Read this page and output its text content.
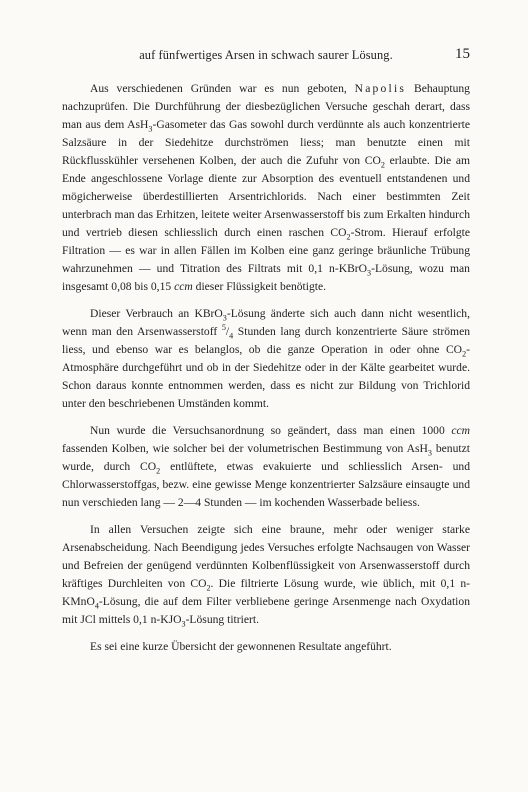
auf fünfwertiges Arsen in schwach saurer Lösung.	15

Aus verschiedenen Gründen war es nun geboten, Napolis Behauptung nachzuprüfen. Die Durchführung der diesbezüglichen Versuche geschah derart, dass man aus dem AsH$_3$-Gasometer das Gas sowohl durch verdünnte als auch konzentrierte Salzsäure in der Siedehitze durchströmen liess; man benutzte einen mit Rückflusskühler versehenen Kolben, der auch die Zufuhr von $CO_2$ erlaubte. Die am Ende angeschlossene Vorlage diente zur Absorption des eventuell entstandenen und mögicherweise überdestillierten Arsentrichlorids. Nach einer bestimmten Zeit unterbrach man das Erhitzen, leitete weiter Arsenwasserstoff bis zum Erkalten hindurch und vertrieb diesen schliesslich durch einen raschen $CO_2$-Strom. Hierauf erfolgte Filtration — es war in allen Fällen im Kolben eine ganz geringe bräunliche Trübung wahrzunehmen — und Titration des Filtrats mit 0,1 n-KBrO$_3$-Lösung, wozu man insgesamt 0,08 bis 0,15 ccm dieser Flüssigkeit benötigte.

Dieser Verbrauch an KBrO$_3$-Lösung änderte sich auch dann nicht wesentlich, wenn man den Arsenwasserstoff $^5/_4$ Stunden lang durch konzentrierte Säure strömen liess, und ebenso war es belanglos, ob die ganze Operation in oder ohne $CO_2$-Atmosphäre durchgeführt und ob in der Siedehitze oder in der Kälte gearbeitet wurde. Schon daraus konnte entnommen werden, dass es nicht zur Bildung von Trichlorid unter den beschriebenen Umständen kommt.

Nun wurde die Versuchsanordnung so geändert, dass man einen 1000 ccm fassenden Kolben, wie solcher bei der volumetrischen Bestimmung von AsH$_3$ benutzt wurde, durch $CO_2$ entlüftete, etwas evakuierte und schliesslich Arsen- und Chlorwasserstoffgas, bezw. eine gewisse Menge konzentrierter Salzsäure einsaugte und nun verschieden lang — 2—4 Stunden — im kochenden Wasserbade beliess.

In allen Versuchen zeigte sich eine braune, mehr oder weniger starke Arsenabscheidung. Nach Beendigung jedes Versuches erfolgte Nachsaugen von Wasser und Befreien der genügend verdünnten Kolbenflüssigkeit von Arsenwasserstoff durch kräftiges Durchleiten von $CO_2$. Die filtrierte Lösung wurde, wie üblich, mit 0,1 n-KMnO$_4$-Lösung, die auf dem Filter verbliebene geringe Arsenmenge nach Oxydation mit JCl mittels 0,1 $n-KJO_3$-Lösung titriert.

Es sei eine kurze Übersicht der gewonnenen Resultate angeführt.
